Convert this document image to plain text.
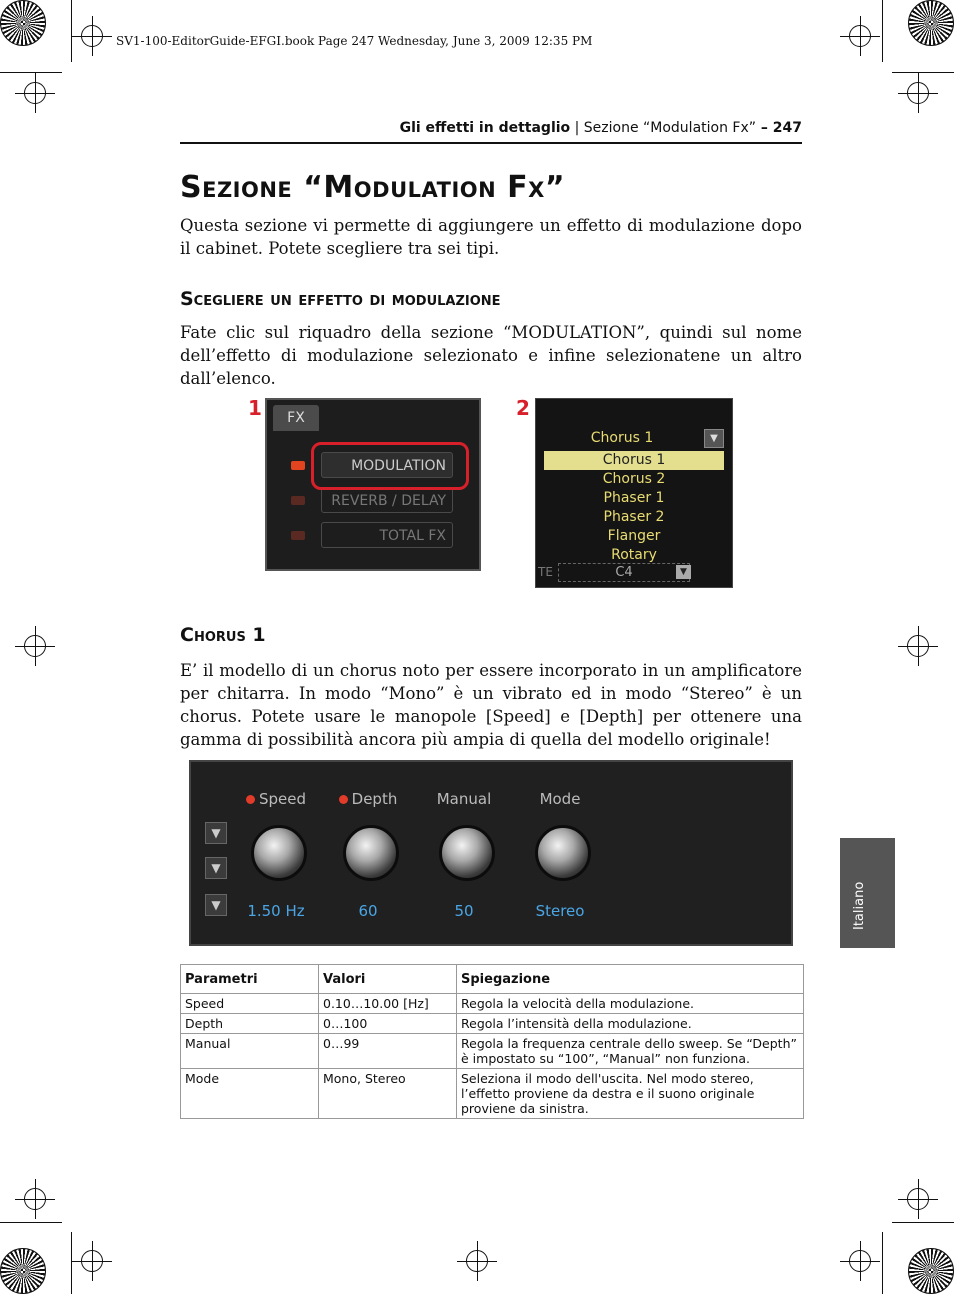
SV1-100-EditorGuide-EFGI.book Page 247 Wednesday, June 3, 2009 12:35 PM
Gli effetti in dettaglio | Sezione “Modulation Fx” – 247
Sezione “Modulation Fx”

Questa sezione vi permette di aggiungere un effetto di modulazione dopo il cabinet. Potete scegliere tra sei tipi.

Scegliere un effetto di modulazione

Fate clic sul riquadro della sezione “MODULATION”, quindi sul nome dell’effetto di modulazione selezionato e infine selezionatene un altro dall’elenco.

1	FX
MODULATION
REVERB / DELAY
TOTAL FX
2
Chorus 1	▼
Chorus 1
Chorus 2
Phaser 1
Phaser 2
Flanger
Rotary
TE	C4	▼
Chorus 1

E’ il modello di un chorus noto per essere incorporato in un amplificatore per chitarra. In modo “Mono” è un vibrato ed in modo “Stereo” è un chorus. Potete usare le manopole [Speed] e [Depth] per ottenere una gamma di possibilità ancora più ampia di quella del modello originale!

▼
▼
▼
Speed
1.50 Hz
Depth
60
Manual
50
Mode
Stereo
Parametri	Valori	Spiegazione
Speed	0.10…10.00 [Hz]	Regola la velocità della modulazione.
Depth	0…100	Regola l’intensità della modulazione.
Manual	0…99	Regola la frequenza centrale dello sweep. Se “Depth” è impostato su “100”, “Manual” non funziona.
Mode	Mono, Stereo	Seleziona il modo dell'uscita. Nel modo stereo, l’effetto proviene da destra e il suono originale proviene da sinistra.
Italiano
